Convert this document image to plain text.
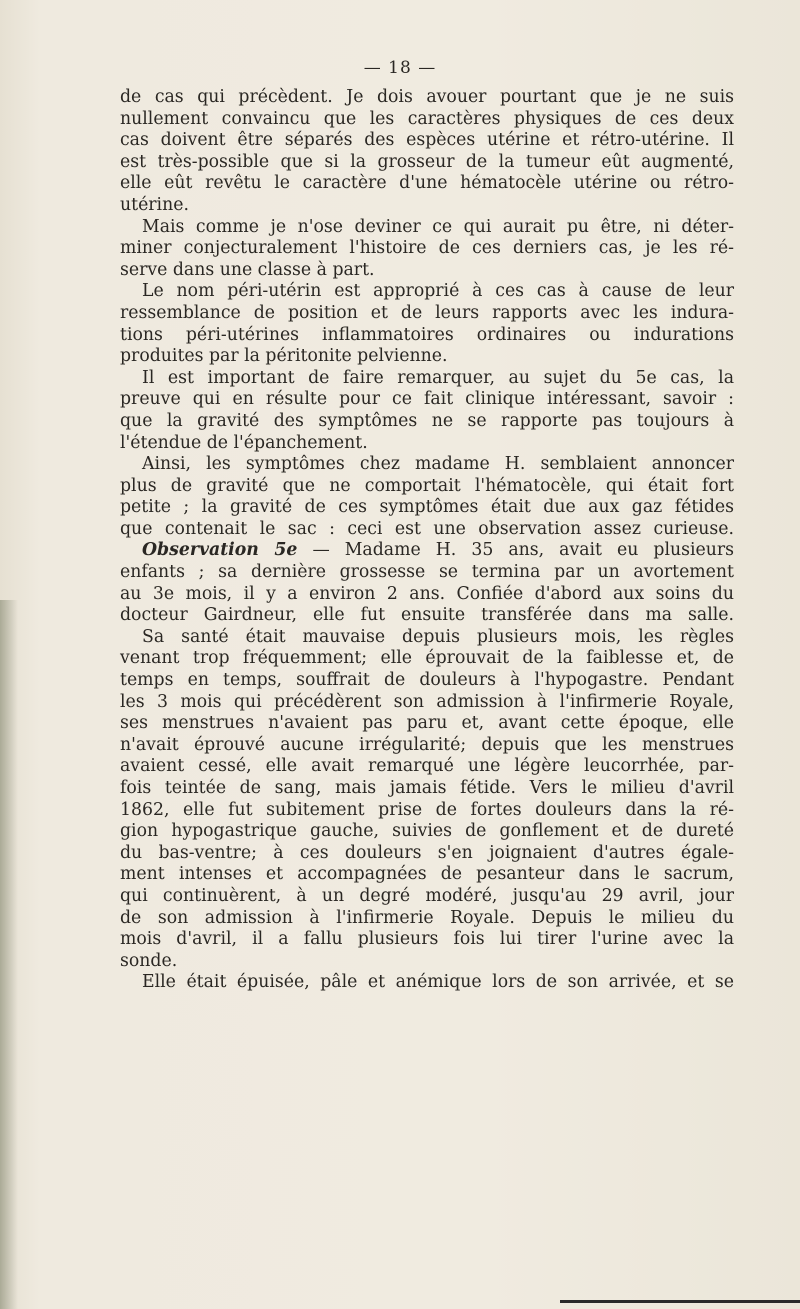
— 18 —
de cas qui précèdent. Je dois avouer pourtant que je ne suis
nullement convaincu que les caractères physiques de ces deux
cas doivent être séparés des espèces utérine et rétro-utérine. Il
est très-possible que si la grosseur de la tumeur eût augmenté,
elle eût revêtu le caractère d'une hématocèle utérine ou rétro-
utérine.
Mais comme je n'ose deviner ce qui aurait pu être, ni déter-
miner conjecturalement l'histoire de ces derniers cas, je les ré-
serve dans une classe à part.
Le nom péri-utérin est approprié à ces cas à cause de leur
ressemblance de position et de leurs rapports avec les indura-
tions péri-utérines inflammatoires ordinaires ou indurations
produites par la péritonite pelvienne.
Il est important de faire remarquer, au sujet du 5e cas, la
preuve qui en résulte pour ce fait clinique intéressant, savoir :
que la gravité des symptômes ne se rapporte pas toujours à
l'étendue de l'épanchement.
Ainsi, les symptômes chez madame H. semblaient annoncer
plus de gravité que ne comportait l'hématocèle, qui était fort
petite ; la gravité de ces symptômes était due aux gaz fétides
que contenait le sac : ceci est une observation assez curieuse.
Observation 5e — Madame H. 35 ans, avait eu plusieurs
enfants ; sa dernière grossesse se termina par un avortement
au 3e mois, il y a environ 2 ans. Confiée d'abord aux soins du
docteur Gairdneur, elle fut ensuite transférée dans ma salle.
Sa santé était mauvaise depuis plusieurs mois, les règles
venant trop fréquemment; elle éprouvait de la faiblesse et, de
temps en temps, souffrait de douleurs à l'hypogastre. Pendant
les 3 mois qui précédèrent son admission à l'infirmerie Royale,
ses menstrues n'avaient pas paru et, avant cette époque, elle
n'avait éprouvé aucune irrégularité; depuis que les menstrues
avaient cessé, elle avait remarqué une légère leucorrhée, par-
fois teintée de sang, mais jamais fétide. Vers le milieu d'avril
1862, elle fut subitement prise de fortes douleurs dans la ré-
gion hypogastrique gauche, suivies de gonflement et de dureté
du bas-ventre; à ces douleurs s'en joignaient d'autres égale-
ment intenses et accompagnées de pesanteur dans le sacrum,
qui continuèrent, à un degré modéré, jusqu'au 29 avril, jour
de son admission à l'infirmerie Royale. Depuis le milieu du
mois d'avril, il a fallu plusieurs fois lui tirer l'urine avec la
sonde.
Elle était épuisée, pâle et anémique lors de son arrivée, et se
